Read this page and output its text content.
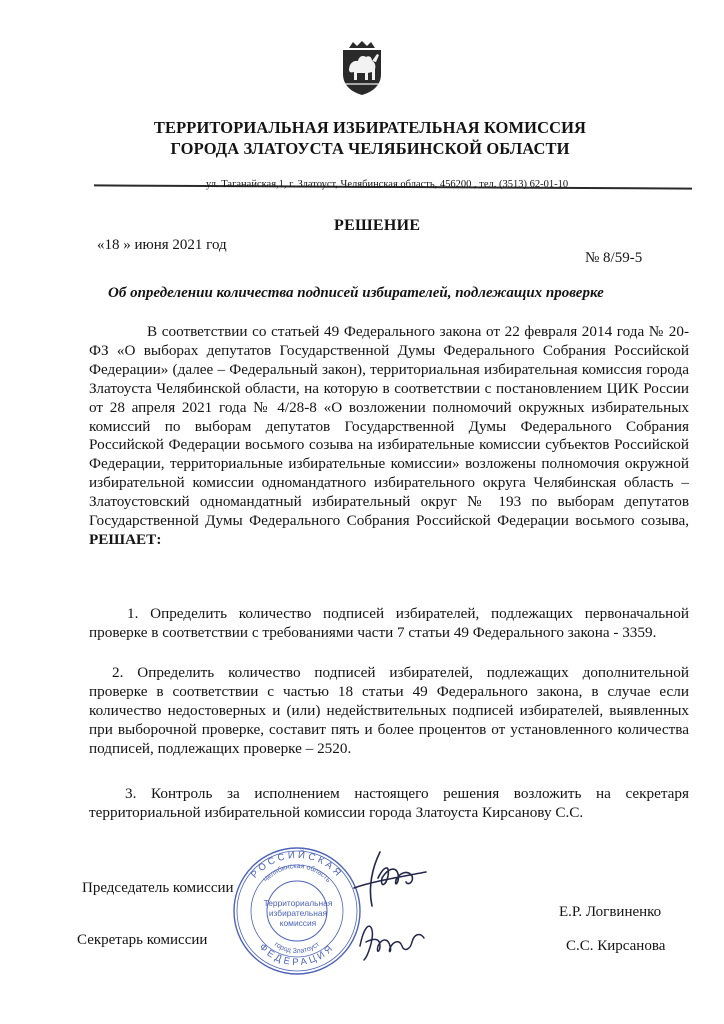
ТЕРРИТОРИАЛЬНАЯ ИЗБИРАТЕЛЬНАЯ КОМИССИЯ
ГОРОДА ЗЛАТОУСТА ЧЕЛЯБИНСКОЙ ОБЛАСТИ
ул. Таганайская,1, г. Златоуст, Челябинская область, 456200 , тел. (3513) 62-01-10
РЕШЕНИЕ
«18 » июня 2021 год
№ 8/59-5
Об определении количества подписей избирателей, подлежащих проверке

В соответствии со статьей 49 Федерального закона от 22 февраля 2014 года № 20-ФЗ «О выборах депутатов Государственной Думы Федерального Собрания Российской Федерации» (далее – Федеральный закон), территориальная избирательная комиссия города Златоуста Челябинской области, на которую в соответствии с постановлением ЦИК России от 28 апреля 2021 года № 4/28-8 «О возложении полномочий окружных избирательных комиссий по выборам депутатов Государственной Думы Федерального Собрания Российской Федерации восьмого созыва на избирательные комиссии субъектов Российской Федерации, территориальные избирательные комиссии» возложены полномочия окружной избирательной комиссии одномандатного избирательного округа Челябинская область – Златоустовский одномандатный избирательный округ № 193 по выборам депутатов Государственной Думы Федерального Собрания Российской Федерации восьмого созыва, РЕШАЕТ:

1. Определить количество подписей избирателей, подлежащих первоначальной проверке в соответствии с требованиями части 7 статьи 49 Федерального закона - 3359.

2. Определить количество подписей избирателей, подлежащих дополнительной проверке в соответствии с частью 18 статьи 49 Федерального закона, в случае если количество недостоверных и (или) недействительных подписей избирателей, выявленных при выборочной проверке, составит пять и более процентов от установленного количества подписей, подлежащих проверке – 2520.

3. Контроль за исполнением настоящего решения возложить на секретаря территориальной избирательной комиссии города Златоуста Кирсанову С.С.

Председатель комиссии
Е.Р. Логвиненко
Секретарь комиссии	С.С. Кирсанова
РОССИЙСКАЯ
ФЕДЕРАЦИЯ
Челябинская область
город Златоуст
Территориальная
избирательная
комиссия
